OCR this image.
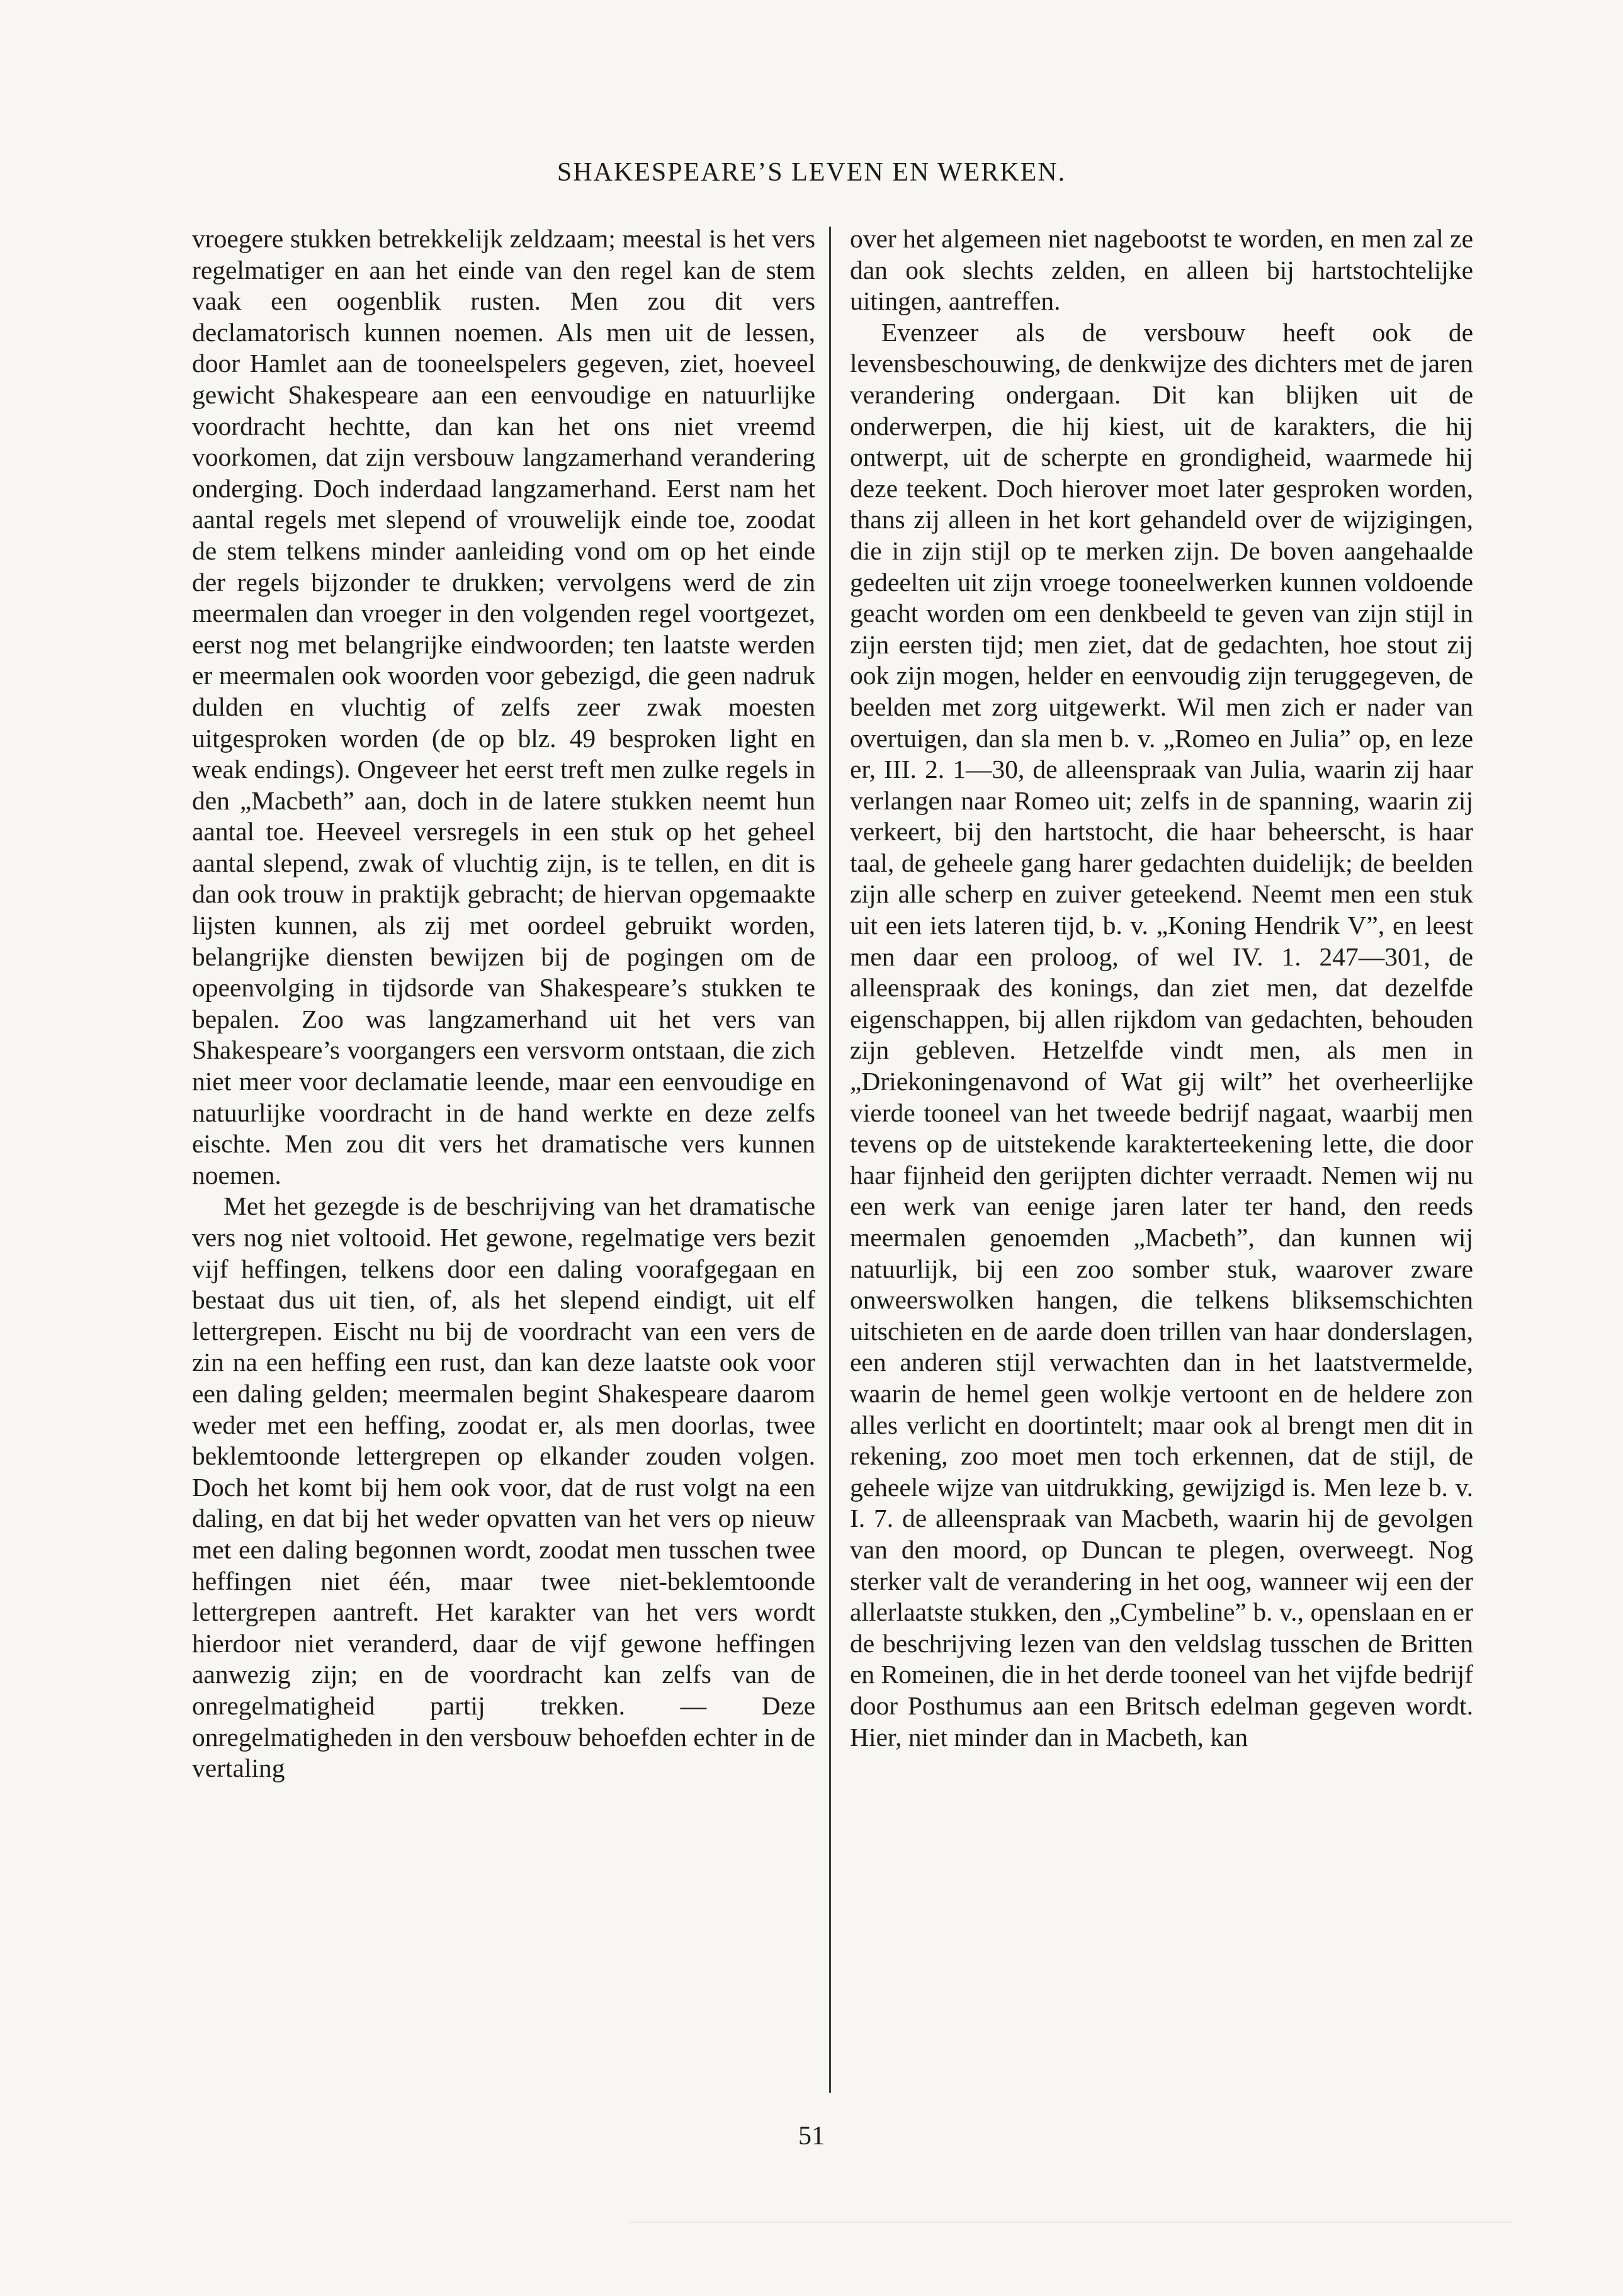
SHAKESPEARE’S LEVEN EN WERKEN.

vroegere stukken betrekkelijk zeldzaam; meestal is het vers regelmatiger en aan het einde van den regel kan de stem vaak een oogenblik rusten. Men zou dit vers declamatorisch kunnen noemen. Als men uit de lessen, door Hamlet aan de tooneelspelers gegeven, ziet, hoeveel gewicht Shakespeare aan een eenvoudige en natuurlijke voordracht hechtte, dan kan het ons niet vreemd voorkomen, dat zijn versbouw langzamerhand verandering onderging. Doch inderdaad langzamerhand. Eerst nam het aantal regels met slepend of vrouwelijk einde toe, zoodat de stem telkens minder aanleiding vond om op het einde der regels bijzonder te drukken; vervolgens werd de zin meermalen dan vroeger in den volgenden regel voortgezet, eerst nog met belangrijke eindwoorden; ten laatste werden er meermalen ook woorden voor gebezigd, die geen nadruk dulden en vluchtig of zelfs zeer zwak moesten uitgesproken worden (de op blz. 49 besproken light en weak endings). Ongeveer het eerst treft men zulke regels in den „Macbeth” aan, doch in de latere stukken neemt hun aantal toe. Heeveel versregels in een stuk op het geheel aantal slepend, zwak of vluchtig zijn, is te tellen, en dit is dan ook trouw in praktijk gebracht; de hiervan opgemaakte lijsten kunnen, als zij met oordeel gebruikt worden, belangrijke diensten bewijzen bij de pogingen om de opeenvolging in tijdsorde van Shakespeare’s stukken te bepalen. Zoo was langzamerhand uit het vers van Shakespeare’s voorgangers een versvorm ontstaan, die zich niet meer voor declamatie leende, maar een eenvoudige en natuurlijke voordracht in de hand werkte en deze zelfs eischte. Men zou dit vers het dramatische vers kunnen noemen.

Met het gezegde is de beschrijving van het dramatische vers nog niet voltooid. Het gewone, regelmatige vers bezit vijf heffingen, telkens door een daling voorafgegaan en bestaat dus uit tien, of, als het slepend eindigt, uit elf lettergrepen. Eischt nu bij de voordracht van een vers de zin na een heffing een rust, dan kan deze laatste ook voor een daling gelden; meermalen begint Shakespeare daarom weder met een heffing, zoodat er, als men doorlas, twee beklemtoonde lettergrepen op elkander zouden volgen. Doch het komt bij hem ook voor, dat de rust volgt na een daling, en dat bij het weder opvatten van het vers op nieuw met een daling begonnen wordt, zoodat men tusschen twee heffingen niet één, maar twee niet-beklemtoonde lettergrepen aantreft. Het karakter van het vers wordt hierdoor niet veranderd, daar de vijf gewone heffingen aanwezig zijn; en de voordracht kan zelfs van de onregelmatigheid partij trekken. — Deze onregelmatigheden in den versbouw behoefden echter in de vertaling

over het algemeen niet nagebootst te worden, en men zal ze dan ook slechts zelden, en alleen bij hartstochtelijke uitingen, aantreffen.

Evenzeer als de versbouw heeft ook de levensbeschouwing, de denkwijze des dichters met de jaren verandering ondergaan. Dit kan blijken uit de onderwerpen, die hij kiest, uit de karakters, die hij ontwerpt, uit de scherpte en grondigheid, waarmede hij deze teekent. Doch hierover moet later gesproken worden, thans zij alleen in het kort gehandeld over de wijzigingen, die in zijn stijl op te merken zijn. De boven aangehaalde gedeelten uit zijn vroege tooneelwerken kunnen voldoende geacht worden om een denkbeeld te geven van zijn stijl in zijn eersten tijd; men ziet, dat de gedachten, hoe stout zij ook zijn mogen, helder en eenvoudig zijn teruggegeven, de beelden met zorg uitgewerkt. Wil men zich er nader van overtuigen, dan sla men b. v. „Romeo en Julia” op, en leze er, III. 2. 1—30, de alleenspraak van Julia, waarin zij haar verlangen naar Romeo uit; zelfs in de spanning, waarin zij verkeert, bij den hartstocht, die haar beheerscht, is haar taal, de geheele gang harer gedachten duidelijk; de beelden zijn alle scherp en zuiver geteekend. Neemt men een stuk uit een iets lateren tijd, b. v. „Koning Hendrik V”, en leest men daar een proloog, of wel IV. 1. 247—301, de alleenspraak des konings, dan ziet men, dat dezelfde eigenschappen, bij allen rijkdom van gedachten, behouden zijn gebleven. Hetzelfde vindt men, als men in „Driekoningenavond of Wat gij wilt” het overheerlijke vierde tooneel van het tweede bedrijf nagaat, waarbij men tevens op de uitstekende karakterteekening lette, die door haar fijnheid den gerijpten dichter verraadt. Nemen wij nu een werk van eenige jaren later ter hand, den reeds meermalen genoemden „Macbeth”, dan kunnen wij natuurlijk, bij een zoo somber stuk, waarover zware onweerswolken hangen, die telkens bliksemschichten uitschieten en de aarde doen trillen van haar donderslagen, een anderen stijl verwachten dan in het laatstvermelde, waarin de hemel geen wolkje vertoont en de heldere zon alles verlicht en doortintelt; maar ook al brengt men dit in rekening, zoo moet men toch erkennen, dat de stijl, de geheele wijze van uitdrukking, gewijzigd is. Men leze b. v. I. 7. de alleenspraak van Macbeth, waarin hij de gevolgen van den moord, op Duncan te plegen, overweegt. Nog sterker valt de verandering in het oog, wanneer wij een der allerlaatste stukken, den „Cymbeline” b. v., openslaan en er de beschrijving lezen van den veldslag tusschen de Britten en Romeinen, die in het derde tooneel van het vijfde bedrijf door Posthumus aan een Britsch edelman gegeven wordt. Hier, niet minder dan in Macbeth, kan

51
